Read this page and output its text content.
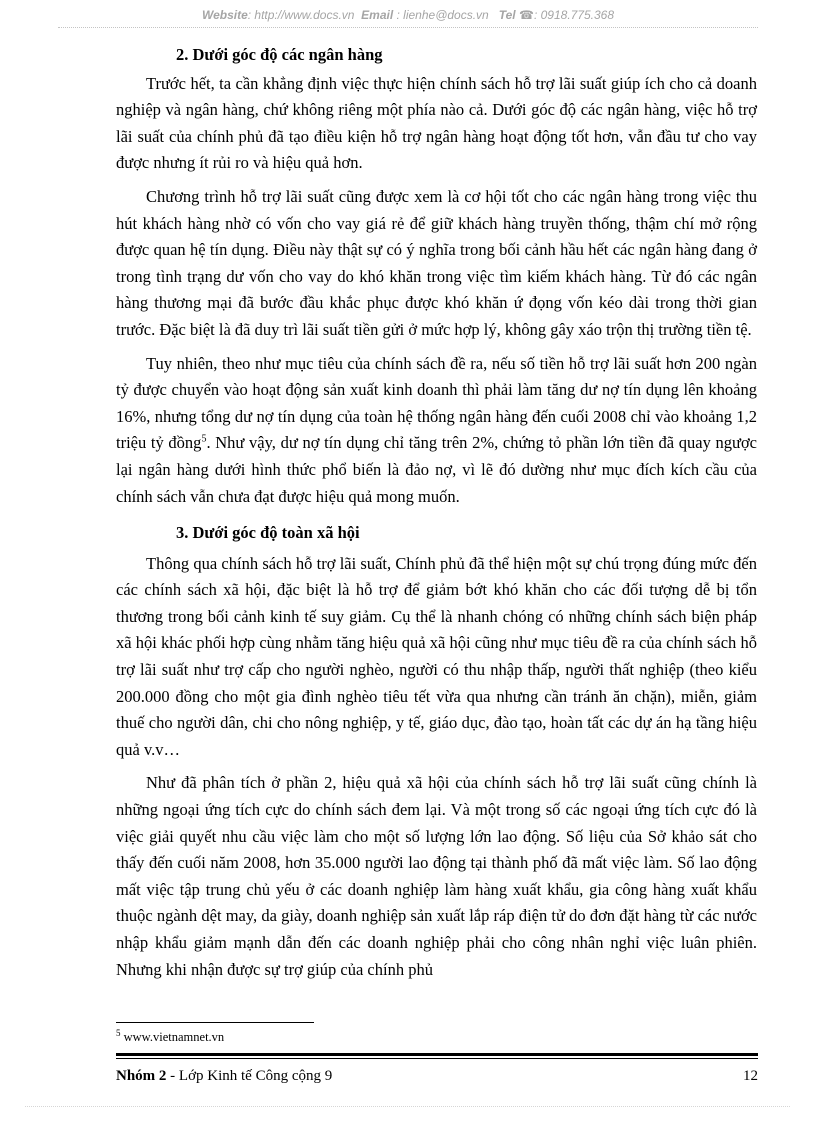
Website: http://www.docs.vn Email : lienhe@docs.vn Tel ☎: 0918.775.368

2. Dưới góc độ các ngân hàng

Trước hết, ta cần khẳng định việc thực hiện chính sách hỗ trợ lãi suất giúp ích cho cả doanh nghiệp và ngân hàng, chứ không riêng một phía nào cả. Dưới góc độ các ngân hàng, việc hỗ trợ lãi suất của chính phủ đã tạo điều kiện hỗ trợ ngân hàng hoạt động tốt hơn, vẫn đầu tư cho vay được nhưng ít rủi ro và hiệu quả hơn.

Chương trình hỗ trợ lãi suất cũng được xem là cơ hội tốt cho các ngân hàng trong việc thu hút khách hàng nhờ có vốn cho vay giá rẻ để giữ khách hàng truyền thống, thậm chí mở rộng được quan hệ tín dụng. Điều này thật sự có ý nghĩa trong bối cảnh hầu hết các ngân hàng đang ở trong tình trạng dư vốn cho vay do khó khăn trong việc tìm kiếm khách hàng. Từ đó các ngân hàng thương mại đã bước đầu khắc phục được khó khăn ứ đọng vốn kéo dài trong thời gian trước. Đặc biệt là đã duy trì lãi suất tiền gửi ở mức hợp lý, không gây xáo trộn thị trường tiền tệ.

Tuy nhiên, theo như mục tiêu của chính sách đề ra, nếu số tiền hỗ trợ lãi suất hơn 200 ngàn tỷ được chuyển vào hoạt động sản xuất kinh doanh thì phải làm tăng dư nợ tín dụng lên khoảng 16%, nhưng tổng dư nợ tín dụng của toàn hệ thống ngân hàng đến cuối 2008 chỉ vào khoảng 1,2 triệu tỷ đồng$^5$. Như vậy, dư nợ tín dụng chỉ tăng trên 2%, chứng tỏ phần lớn tiền đã quay ngược lại ngân hàng dưới hình thức phổ biến là đảo nợ, vì lẽ đó dường như mục đích kích cầu của chính sách vẫn chưa đạt được hiệu quả mong muốn.

3. Dưới góc độ toàn xã hội

Thông qua chính sách hỗ trợ lãi suất, Chính phủ đã thể hiện một sự chú trọng đúng mức đến các chính sách xã hội, đặc biệt là hỗ trợ để giảm bớt khó khăn cho các đối tượng dễ bị tổn thương trong bối cảnh kinh tế suy giảm. Cụ thể là nhanh chóng có những chính sách biện pháp xã hội khác phối hợp cùng nhằm tăng hiệu quả xã hội cũng như mục tiêu đề ra của chính sách hỗ trợ lãi suất như trợ cấp cho người nghèo, người có thu nhập thấp, người thất nghiệp (theo kiểu 200.000 đồng cho một gia đình nghèo tiêu tết vừa qua nhưng cần tránh ăn chặn), miễn, giảm thuế cho người dân, chi cho nông nghiệp, y tế, giáo dục, đào tạo, hoàn tất các dự án hạ tầng hiệu quả v.v…

Như đã phân tích ở phần 2, hiệu quả xã hội của chính sách hỗ trợ lãi suất cũng chính là những ngoại ứng tích cực do chính sách đem lại. Và một trong số các ngoại ứng tích cực đó là việc giải quyết nhu cầu việc làm cho một số lượng lớn lao động. Số liệu của Sở khảo sát cho thấy đến cuối năm 2008, hơn 35.000 người lao động tại thành phố đã mất việc làm. Số lao động mất việc tập trung chủ yếu ở các doanh nghiệp làm hàng xuất khẩu, gia công hàng xuất khẩu thuộc ngành dệt may, da giày, doanh nghiệp sản xuất lắp ráp điện tử do đơn đặt hàng từ các nước nhập khẩu giảm mạnh dẫn đến các doanh nghiệp phải cho công nhân nghỉ việc luân phiên. Nhưng khi nhận được sự trợ giúp của chính phủ

$^5$ www.vietnamnet.vn
Nhóm 2 - Lớp Kinh tế Công cộng 9	12
